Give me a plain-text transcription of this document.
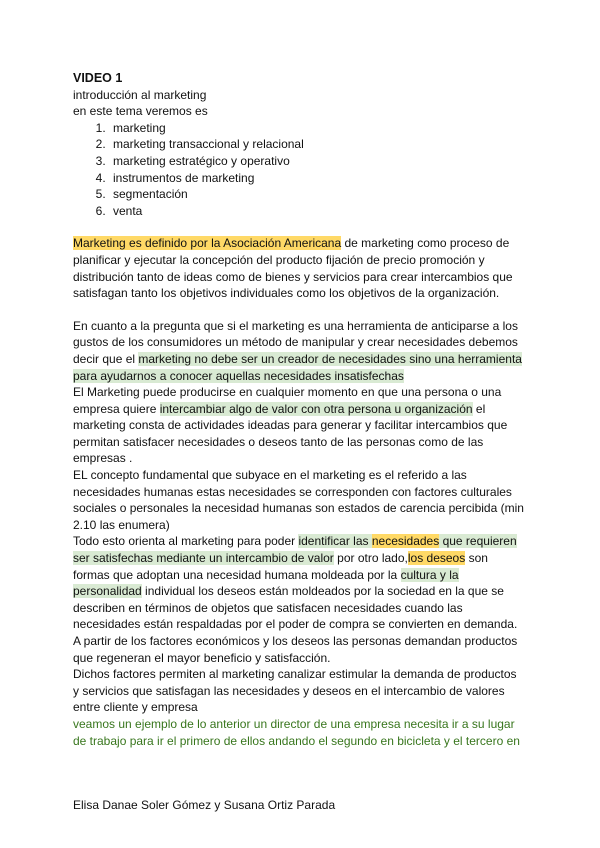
VIDEO 1
introducción al marketing
en este tema veremos es
1. marketing
2. marketing transaccional y relacional
3. marketing estratégico y operativo
4. instrumentos de marketing
5. segmentación
6. venta
Marketing es definido por la Asociación Americana de marketing como proceso de
planificar y ejecutar la concepción del producto fijación de precio promoción y
distribución tanto de ideas como de bienes y servicios para crear intercambios que
satisfagan tanto los objetivos individuales como los objetivos de la organización.
En cuanto a la pregunta que si el marketing es una herramienta de anticiparse a los
gustos de los consumidores un método de manipular y crear necesidades debemos
decir que el marketing no debe ser un creador de necesidades sino una herramienta
para ayudarnos a conocer aquellas necesidades insatisfechas
El Marketing puede producirse en cualquier momento en que una persona o una
empresa quiere intercambiar algo de valor con otra persona u organización el
marketing consta de actividades ideadas para generar y facilitar intercambios que
permitan satisfacer necesidades o deseos tanto de las personas como de las
empresas .
EL concepto fundamental que subyace en el marketing es el referido a las
necesidades humanas estas necesidades se corresponden con factores culturales
sociales o personales la necesidad humanas son estados de carencia percibida (min
2.10 las enumera)
Todo esto orienta al marketing para poder identificar las necesidades que requieren
ser satisfechas mediante un intercambio de valor por otro lado,los deseos son
formas que adoptan una necesidad humana moldeada por la cultura y la
personalidad individual los deseos están moldeados por la sociedad en la que se
describen en términos de objetos que satisfacen necesidades cuando las
necesidades están respaldadas por el poder de compra se convierten en demanda.
A partir de los factores económicos y los deseos las personas demandan productos
que regeneran el mayor beneficio y satisfacción.
Dichos factores permiten al marketing canalizar estimular la demanda de productos
y servicios que satisfagan las necesidades y deseos en el intercambio de valores
entre cliente y empresa
veamos un ejemplo de lo anterior un director de una empresa necesita ir a su lugar
de trabajo para ir el primero de ellos andando el segundo en bicicleta y el tercero en
Elisa Danae Soler Gómez y Susana Ortiz Parada
